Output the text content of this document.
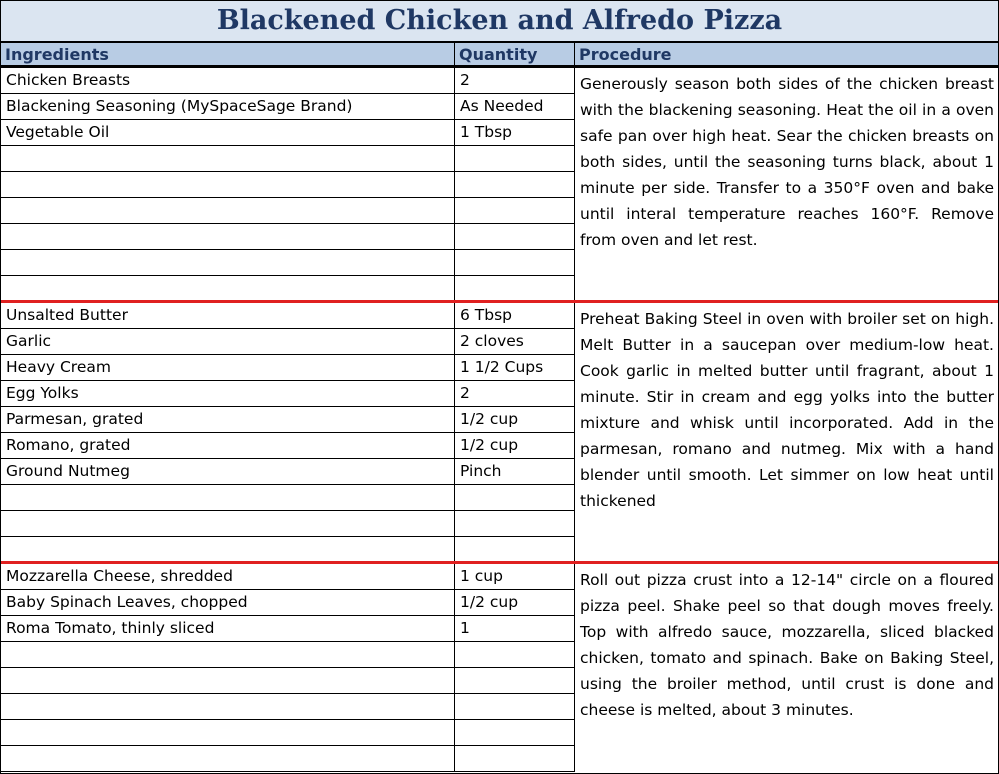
Blackened Chicken and Alfredo Pizza
Ingredients	Quantity	Procedure
Chicken Breasts	2
Blackening Seasoning (MySpaceSage Brand)	As Needed
Vegetable Oil	1 Tbsp
Generously season both sides of the chicken breast with the blackening seasoning. Heat the oil in a oven safe pan over high heat. Sear the chicken breasts on both sides, until the seasoning turns black, about 1 minute per side. Transfer to a 350°F oven and bake until interal temperature reaches 160°F. Remove from oven and let rest.
Unsalted Butter	6 Tbsp
Garlic	2 cloves
Heavy Cream	1 1/2 Cups
Egg Yolks	2
Parmesan, grated	1/2 cup
Romano, grated	1/2 cup
Ground Nutmeg	Pinch
Preheat Baking Steel in oven with broiler set on high. Melt Butter in a saucepan over medium-low heat. Cook garlic in melted butter until fragrant, about 1 minute. Stir in cream and egg yolks into the butter mixture and whisk until incorporated. Add in the parmesan, romano and nutmeg. Mix with a hand blender until smooth. Let simmer on low heat until thickened
Mozzarella Cheese, shredded	1 cup
Baby Spinach Leaves, chopped	1/2 cup
Roma Tomato, thinly sliced	1
Roll out pizza crust into a 12-14" circle on a floured pizza peel. Shake peel so that dough moves freely. Top with alfredo sauce, mozzarella, sliced blacked chicken, tomato and spinach. Bake on Baking Steel, using the broiler method, until crust is done and cheese is melted, about 3 minutes.
